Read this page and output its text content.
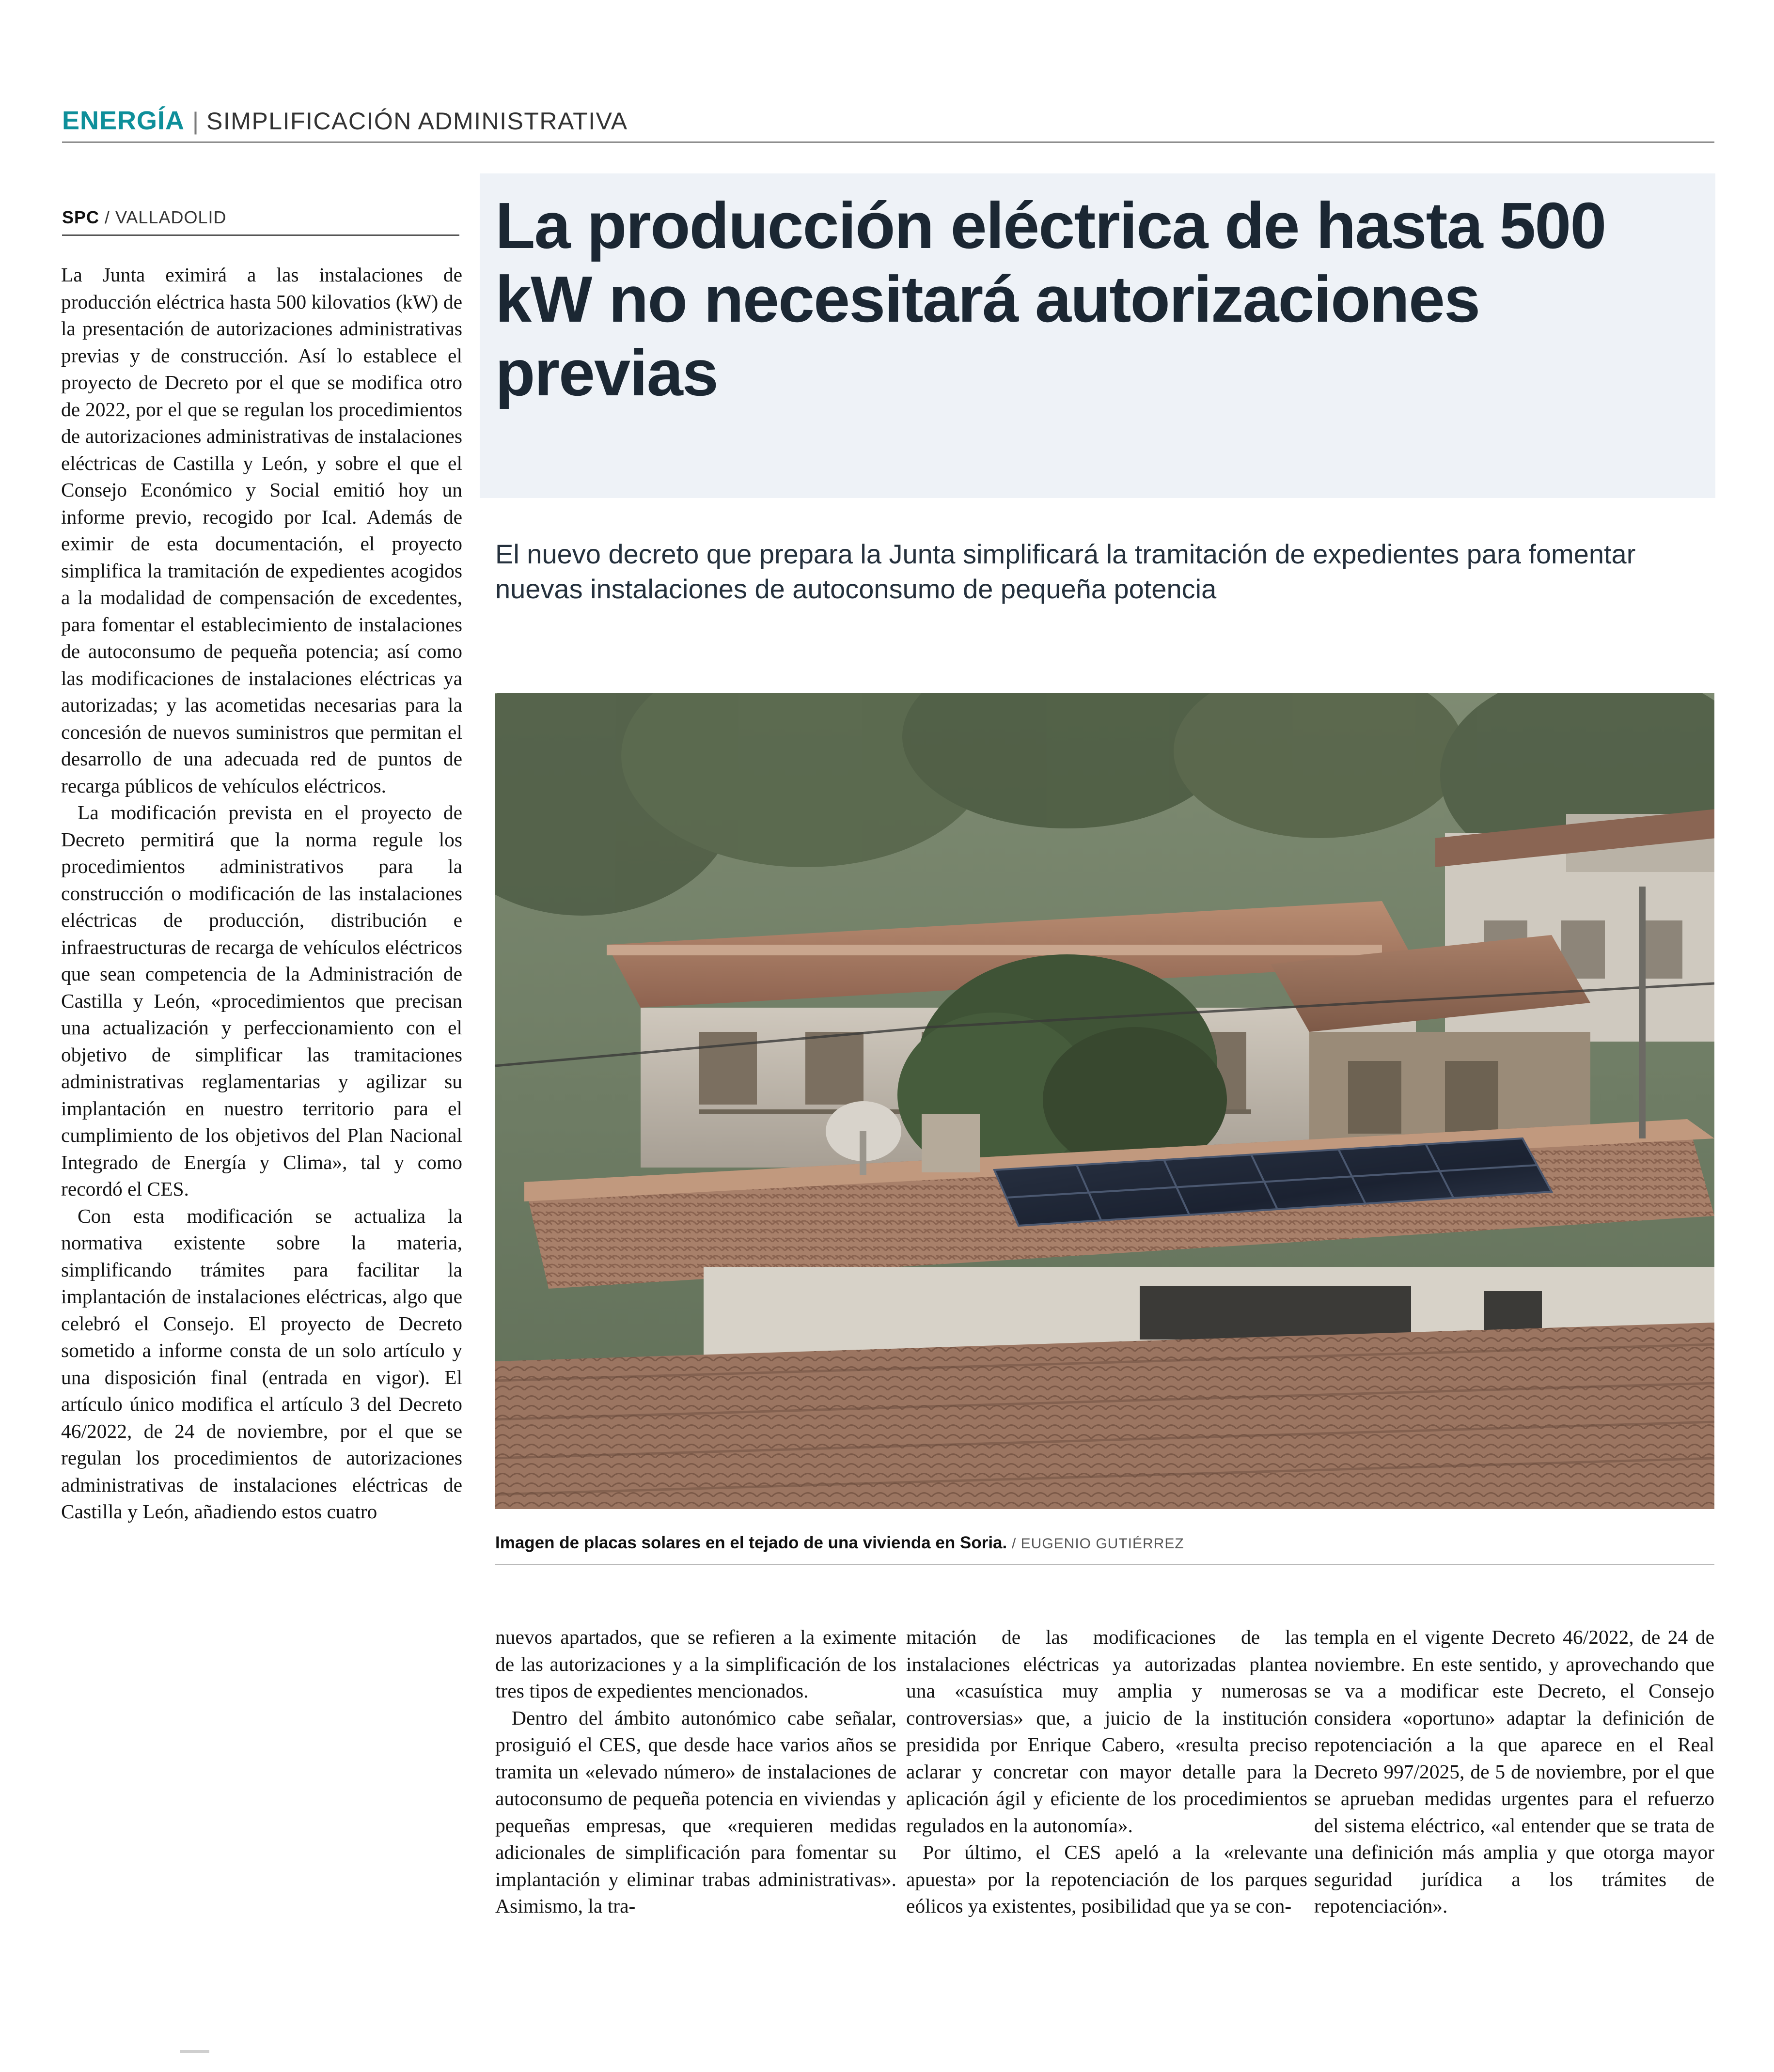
ENERGÍA | SIMPLIFICACIÓN ADMINISTRATIVA
SPC / VALLADOLID

La Junta eximirá a las instalaciones de producción eléctrica hasta 500 kilovatios (kW) de la presentación de autorizaciones administrativas previas y de construcción. Así lo establece el proyecto de Decreto por el que se modifica otro de 2022, por el que se regulan los procedimientos de autorizaciones administrativas de instalaciones eléctricas de Castilla y León, y sobre el que el Consejo Económico y Social emitió hoy un informe previo, recogido por Ical. Además de eximir de esta documentación, el proyecto simplifica la tramitación de expedientes acogidos a la modalidad de compensación de excedentes, para fomentar el establecimiento de instalaciones de autoconsumo de pequeña potencia; así como las modificaciones de instalaciones eléctricas ya autorizadas; y las acometidas necesarias para la concesión de nuevos suministros que permitan el desarrollo de una adecuada red de puntos de recarga públicos de vehículos eléctricos.

La modificación prevista en el proyecto de Decreto permitirá que la norma regule los procedimientos administrativos para la construcción o modificación de las instalaciones eléctricas de producción, distribución e infraestructuras de recarga de vehículos eléctricos que sean competencia de la Administración de Castilla y León, «procedimientos que precisan una actualización y perfeccionamiento con el objetivo de simplificar las tramitaciones administrativas reglamentarias y agilizar su implantación en nuestro territorio para el cumplimiento de los objetivos del Plan Nacional Integrado de Energía y Clima», tal y como recordó el CES.

Con esta modificación se actualiza la normativa existente sobre la materia, simplificando trámites para facilitar la implantación de instalaciones eléctricas, algo que celebró el Consejo. El proyecto de Decreto sometido a informe consta de un solo artículo y una disposición final (entrada en vigor). El artículo único modifica el artículo 3 del Decreto 46/2022, de 24 de noviembre, por el que se regulan los procedimientos de autorizaciones administrativas de instalaciones eléctricas de Castilla y León, añadiendo estos cuatro

La producción eléctrica de hasta 500 kW no necesitará autorizaciones previas
El nuevo decreto que prepara la Junta simplificará la tramitación de expedientes para fomentar nuevas instalaciones de autoconsumo de pequeña potencia
Imagen de placas solares en el tejado de una vivienda en Soria. / EUGENIO GUTIÉRREZ

nuevos apartados, que se refieren a la eximente de las autorizaciones y a la simplificación de los tres tipos de expedientes mencionados.

Dentro del ámbito autonómico cabe señalar, prosiguió el CES, que desde hace varios años se tramita un «elevado número» de instalaciones de autoconsumo de pequeña potencia en viviendas y pequeñas empresas, que «requieren medidas adicionales de simplificación para fomentar su implantación y eliminar trabas administrativas». Asimismo, la tra-

mitación de las modificaciones de las instalaciones eléctricas ya autorizadas plantea una «casuística muy amplia y numerosas controversias» que, a juicio de la institución presidida por Enrique Cabero, «resulta preciso aclarar y concretar con mayor detalle para la aplicación ágil y eficiente de los procedimientos regulados en la autonomía».

Por último, el CES apeló a la «relevante apuesta» por la repotenciación de los parques eólicos ya existentes, posibilidad que ya se con-

templa en el vigente Decreto 46/2022, de 24 de noviembre. En este sentido, y aprovechando que se va a modificar este Decreto, el Consejo considera «oportuno» adaptar la definición de repotenciación a la que aparece en el Real Decreto 997/2025, de 5 de noviembre, por el que se aprueban medidas urgentes para el refuerzo del sistema eléctrico, «al entender que se trata de una definición más amplia y que otorga mayor seguridad jurídica a los trámites de repotenciación».
